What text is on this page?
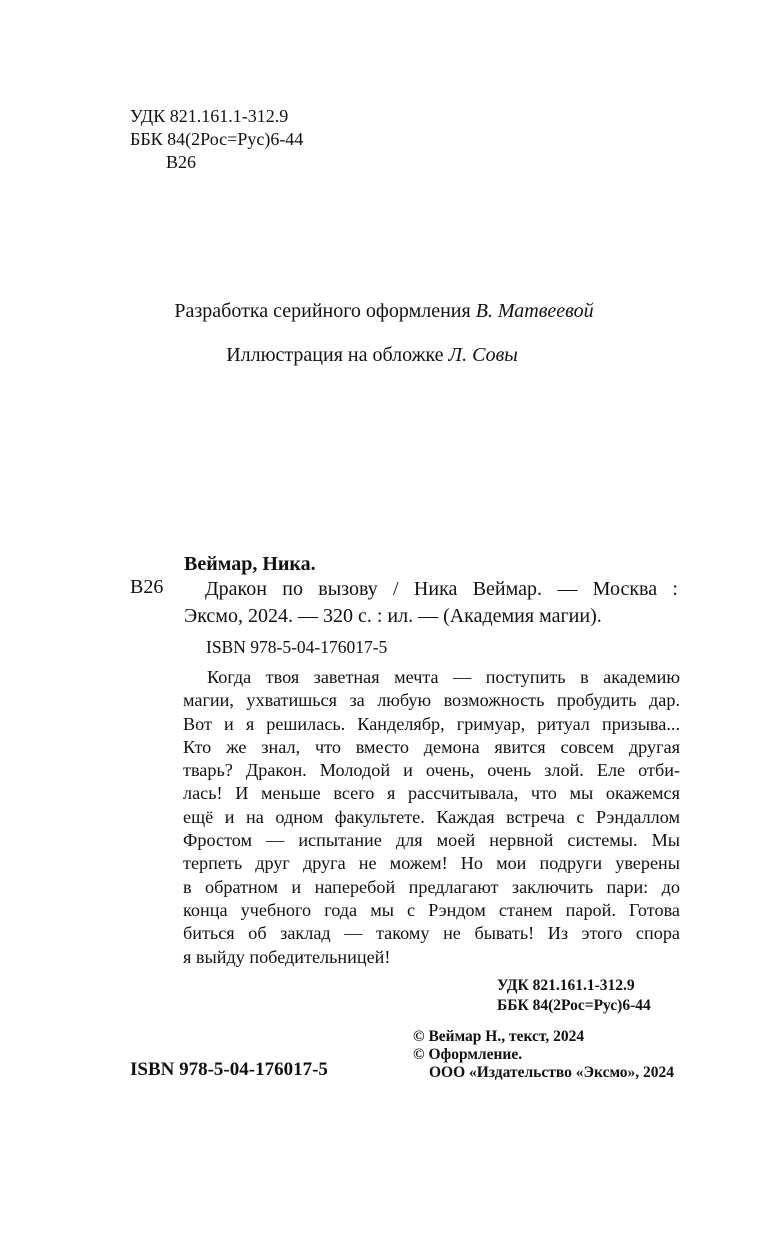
УДК 821.161.1-312.9
ББК 84(2Рос=Рус)6-44
В26
Разработка серийного оформления В. Матвеевой
Иллюстрация на обложке Л. Совы
Веймар, Ника.
В26 Дракон по вызову / Ника Веймар. — Москва :
Эксмо, 2024. — 320 с. : ил. — (Академия магии).
ISBN 978-5-04-176017-5
Когда твоя заветная мечта — поступить в академию
магии, ухватишься за любую возможность пробудить дар.
Вот и я решилась. Канделябр, гримуар, ритуал призыва...
Кто же знал, что вместо демона явится совсем другая
тварь? Дракон. Молодой и очень, очень злой. Еле отби-
лась! И меньше всего я рассчитывала, что мы окажемся
ещё и на одном факультете. Каждая встреча с Рэндаллом
Фростом — испытание для моей нервной системы. Мы
терпеть друг друга не можем! Но мои подруги уверены
в обратном и наперебой предлагают заключить пари: до
конца учебного года мы с Рэндом станем парой. Готова
биться об заклад — такому не бывать! Из этого спора
я выйду победительницей!
УДК 821.161.1-312.9
ББК 84(2Рос=Рус)6-44
© Веймар Н., текст, 2024
© Оформление.
ООО «Издательство «Эксмо», 2024
ISBN 978-5-04-176017-5
